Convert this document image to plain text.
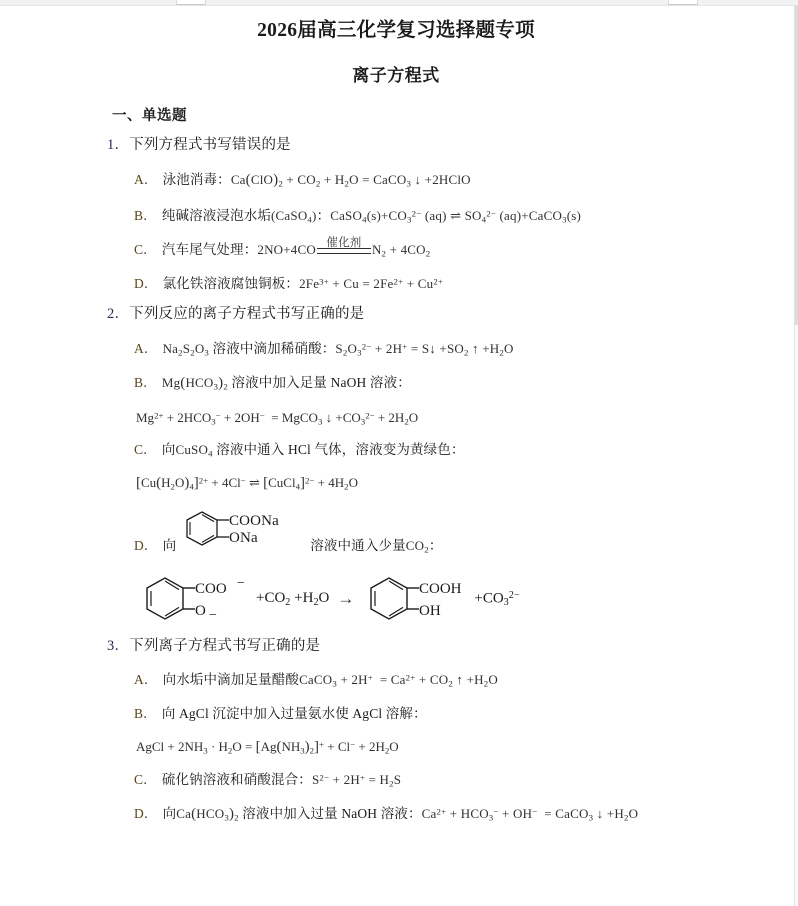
2026届高三化学复习选择题专项
离子方程式
一、单选题
1．下列方程式书写错误的是
A． 泳池消毒： $Ca(ClO)_2 + CO_2 + H_2O$ = CaCO$_3$ ↓ +2HClO
B． 纯碱溶液浸泡水垢(CaSO$_4$)： $CaSO_4(s)+CO_3^{2-}$ (aq) ⇌ $SO_4^{2-}$ (aq)+CaCO$_3$(s)
C． 汽车尾气处理： 2NO+4CO 催化剂 $N_2 + 4CO_2$
D． 氯化铁溶液腐蚀铜板： $2Fe^{3+} + Cu = 2Fe^{2+} + Cu^{2+}$
2．下列反应的离子方程式书写正确的是
A． $Na_2S_2O_3$ 溶液中滴加稀硝酸： $S_2O_3^{2-} + 2H^+$ = S↓ $+SO_2$ ↑ $+H_2O$
B． $Mg(HCO_3)_2$ 溶液中加入足量 NaOH 溶液：
$Mg^{2+} + 2HCO_3^- + 2OH^-$  = MgCO$_3$ ↓ $+CO_3^{2-} + 2H_2O$
C． 向CuSO$_4$ 溶液中通入 HCl 气体，溶液变为黄绿色：
$[Cu(H_2O)_4]^{2+} + 4Cl^-$ ⇌ [CuCl$_4$]$^{2-}$ + $4H_2O$
D． 向
COONa
ONa	溶液中通入少量$CO_2$：
COO −
O −
$+CO_2 +H_2O$ →	COOH
OH
$+CO_3^{2-}$
3．下列离子方程式书写正确的是
A． 向水垢中滴加足量醋酸 CaCO$_3$ + $2H^+ = Ca^{2+} + CO_2$ ↑ $+H_2O$
B． 向 AgCl 沉淀中加入过量氨水使 AgCl 溶解：
AgCl + $2NH_3 \cdot H_2O = [Ag(NH_3)_2]^+ + Cl^- + 2H_2O$
C． 硫化钠溶液和硝酸混合： $S^{2-} + 2H^+ = H_2S$
D． 向$Ca(HCO_3)_2$ 溶液中加入过量 NaOH 溶液： $Ca^{2+} + HCO_3^- + OH^-$  = CaCO$_3$ ↓ $+H_2O$
